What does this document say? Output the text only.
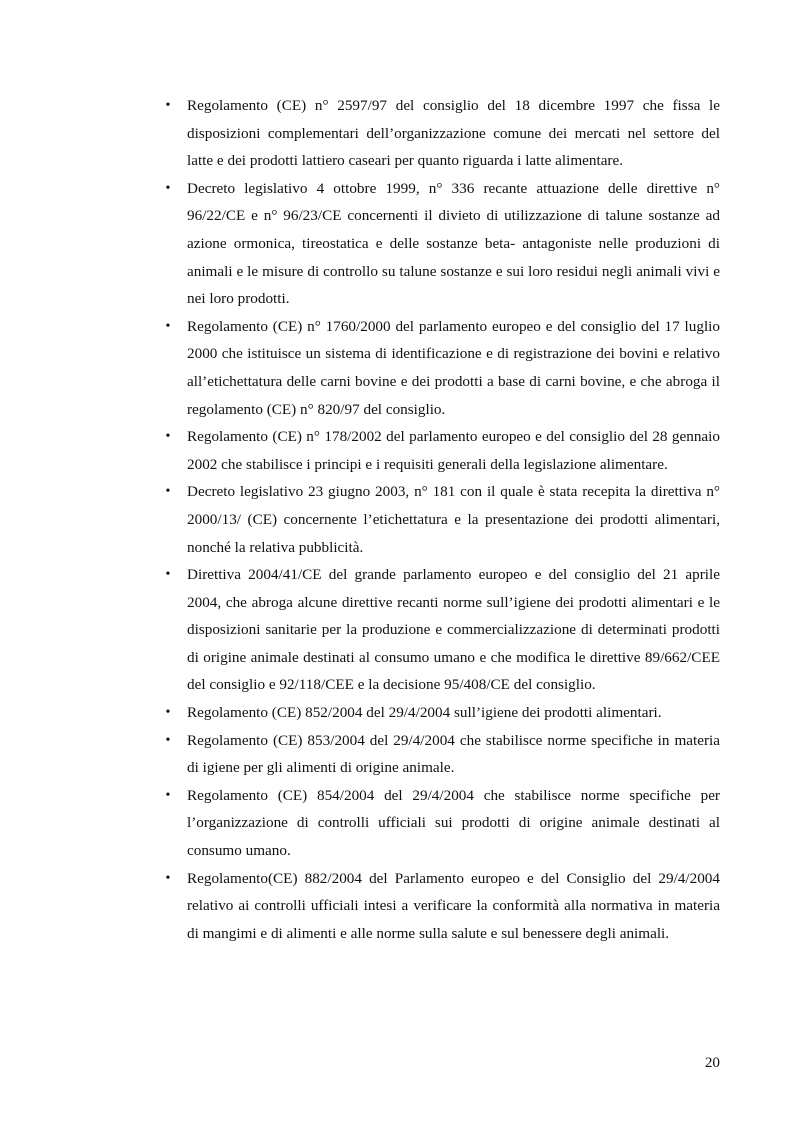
• Regolamento (CE) n° 2597/97 del consiglio del 18 dicembre 1997 che fissa le disposizioni complementari dell’organizzazione comune dei mercati nel settore del latte e dei prodotti lattiero caseari per quanto riguarda i latte alimentare.
• Decreto legislativo 4 ottobre 1999, n° 336 recante attuazione delle direttive n° 96/22/CE e n° 96/23/CE concernenti il divieto di utilizzazione di talune sostanze ad azione ormonica, tireostatica e delle sostanze beta- antagoniste nelle produzioni di animali e le misure di controllo su talune sostanze e sui loro residui negli animali vivi e nei loro prodotti.
• Regolamento (CE) n° 1760/2000 del parlamento europeo e del consiglio del 17 luglio 2000 che istituisce un sistema di identificazione e di registrazione dei bovini e relativo all’etichettatura delle carni bovine e dei prodotti a base di carni bovine, e che abroga il regolamento (CE) n° 820/97 del consiglio.
• Regolamento (CE) n° 178/2002 del parlamento europeo e del consiglio del 28 gennaio 2002 che stabilisce i principi e i requisiti generali della legislazione alimentare.
• Decreto legislativo 23 giugno 2003, n° 181 con il quale è stata recepita la direttiva n° 2000/13/ (CE) concernente l’etichettatura e la presentazione dei prodotti alimentari, nonché la relativa pubblicità.
• Direttiva 2004/41/CE del grande parlamento europeo e del consiglio del 21 aprile 2004, che abroga alcune direttive recanti norme sull’igiene dei prodotti alimentari e le disposizioni sanitarie per la produzione e commercializzazione di determinati prodotti di origine animale destinati al consumo umano e che modifica le direttive 89/662/CEE del consiglio e 92/118/CEE e la decisione 95/408/CE del consiglio.
• Regolamento (CE) 852/2004 del 29/4/2004 sull’igiene dei prodotti alimentari.
• Regolamento (CE) 853/2004 del 29/4/2004 che stabilisce norme specifiche in materia di igiene per gli alimenti di origine animale.
• Regolamento (CE) 854/2004 del 29/4/2004 che stabilisce norme specifiche per l’organizzazione di controlli ufficiali sui prodotti di origine animale destinati al consumo umano.
• Regolamento(CE) 882/2004 del Parlamento europeo e del Consiglio del 29/4/2004 relativo ai controlli ufficiali intesi a verificare la conformità alla normativa in materia di mangimi e di alimenti e alle norme sulla salute e sul benessere degli animali.
20
